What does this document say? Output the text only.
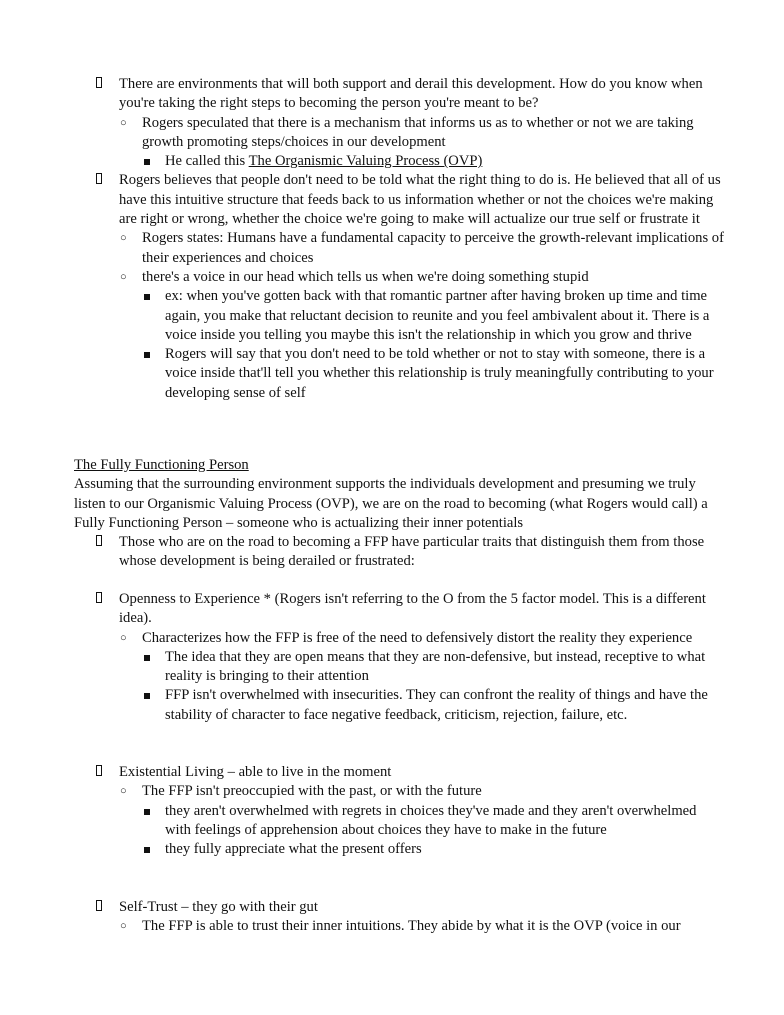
There are environments that will both support and derail this development. How do you know when you're taking the right steps to becoming the person you're meant to be?
○ Rogers speculated that there is a mechanism that informs us as to whether or not we are taking growth promoting steps/choices in our development
He called this The Organismic Valuing Process (OVP)
Rogers believes that people don't need to be told what the right thing to do is. He believed that all of us have this intuitive structure that feeds back to us information whether or not the choices we're making are right or wrong, whether the choice we're going to make will actualize our true self or frustrate it
○ Rogers states: Humans have a fundamental capacity to perceive the growth-relevant implications of their experiences and choices
○ there's a voice in our head which tells us when we're doing something stupid
ex: when you've gotten back with that romantic partner after having broken up time and time again, you make that reluctant decision to reunite and you feel ambivalent about it. There is a voice inside you telling you maybe this isn't the relationship in which you grow and thrive
Rogers will say that you don't need to be told whether or not to stay with someone, there is a voice inside that'll tell you whether this relationship is truly meaningfully contributing to your developing sense of self
The Fully Functioning Person
Assuming that the surrounding environment supports the individuals development and presuming we truly listen to our Organismic Valuing Process (OVP), we are on the road to becoming (what Rogers would call) a Fully Functioning Person – someone who is actualizing their inner potentials
Those who are on the road to becoming a FFP have particular traits that distinguish them from those whose development is being derailed or frustrated:
Openness to Experience * (Rogers isn't referring to the O from the 5 factor model. This is a different idea).
○ Characterizes how the FFP is free of the need to defensively distort the reality they experience
The idea that they are open means that they are non-defensive, but instead, receptive to what reality is bringing to their attention
FFP isn't overwhelmed with insecurities. They can confront the reality of things and have the stability of character to face negative feedback, criticism, rejection, failure, etc.
Existential Living – able to live in the moment
○ The FFP isn't preoccupied with the past, or with the future
they aren't overwhelmed with regrets in choices they've made and they aren't overwhelmed with feelings of apprehension about choices they have to make in the future
they fully appreciate what the present offers
Self-Trust – they go with their gut
○ The FFP is able to trust their inner intuitions. They abide by what it is the OVP (voice in our
